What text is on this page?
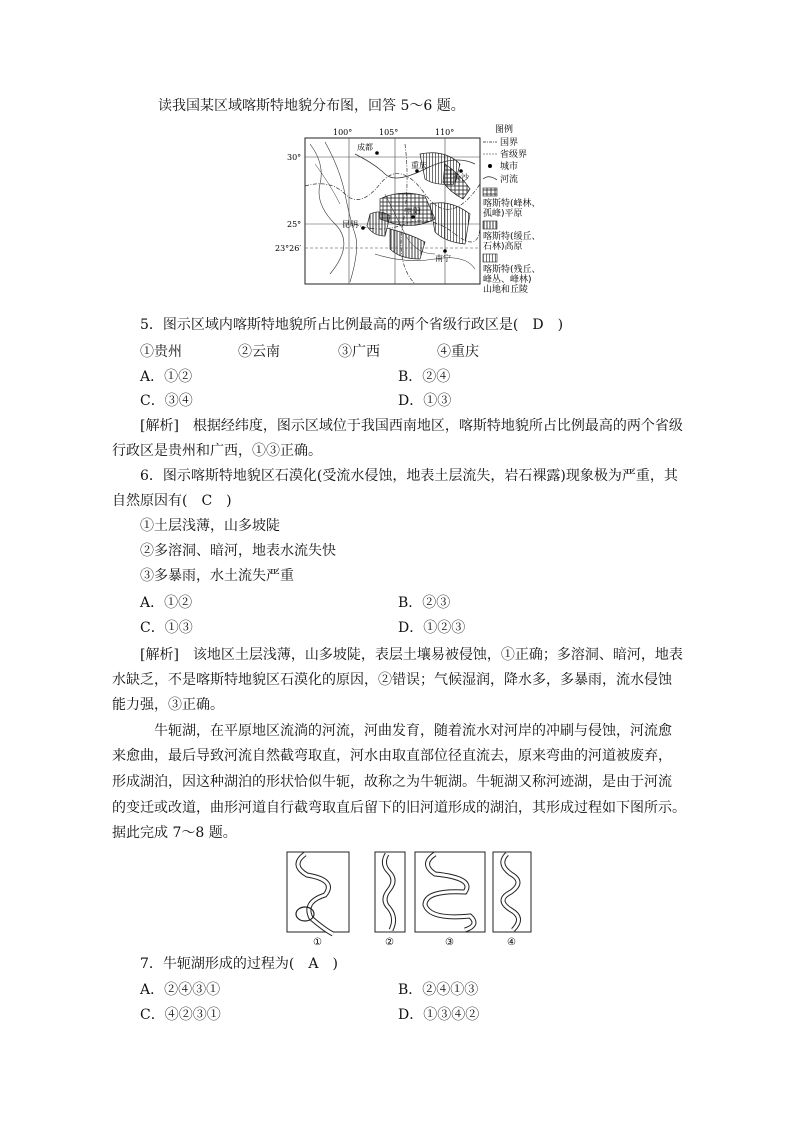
读我国某区域喀斯特地貌分布图，回答 5～6 题。
100°	105°	110°
30°
25°
23°26′
成都
重庆
长沙
贵阳
昆明
南宁
图例
国界
省级界
城市
河流
喀斯特(峰林、
孤峰)平原
喀斯特(缓丘、
石林)高原
喀斯特(残丘、
峰丛、峰林)
山地和丘陵
5．图示区域内喀斯特地貌所占比例最高的两个省级行政区是(　D　)
①贵州	②云南	③广西	④重庆
A．①②	B．②④
C．③④	D．①③
[解析]　根据经纬度，图示区域位于我国西南地区，喀斯特地貌所占比例最高的两个省级
行政区是贵州和广西，①③正确。
6．图示喀斯特地貌区石漠化(受流水侵蚀，地表土层流失，岩石裸露)现象极为严重，其
自然原因有(　C　)
①土层浅薄，山多坡陡
②多溶洞、暗河，地表水流失快
③多暴雨，水土流失严重
A．①②	B．②③
C．①③	D．①②③
[解析]　该地区土层浅薄，山多坡陡，表层土壤易被侵蚀，①正确；多溶洞、暗河，地表
水缺乏，不是喀斯特地貌区石漠化的原因，②错误；气候湿润，降水多，多暴雨，流水侵蚀
能力强，③正确。
牛轭湖，在平原地区流淌的河流，河曲发育，随着流水对河岸的冲刷与侵蚀，河流愈
来愈曲，最后导致河流自然截弯取直，河水由取直部位径直流去，原来弯曲的河道被废弃，
形成湖泊，因这种湖泊的形状恰似牛轭，故称之为牛轭湖。牛轭湖又称河迹湖，是由于河流
的变迁或改道，曲形河道自行截弯取直后留下的旧河道形成的湖泊，其形成过程如下图所示。
据此完成 7～8 题。
①	②	③	④
7．牛轭湖形成的过程为(　A　)
A．②④③①	B．②④①③
C．④②③①	D．①③④②
